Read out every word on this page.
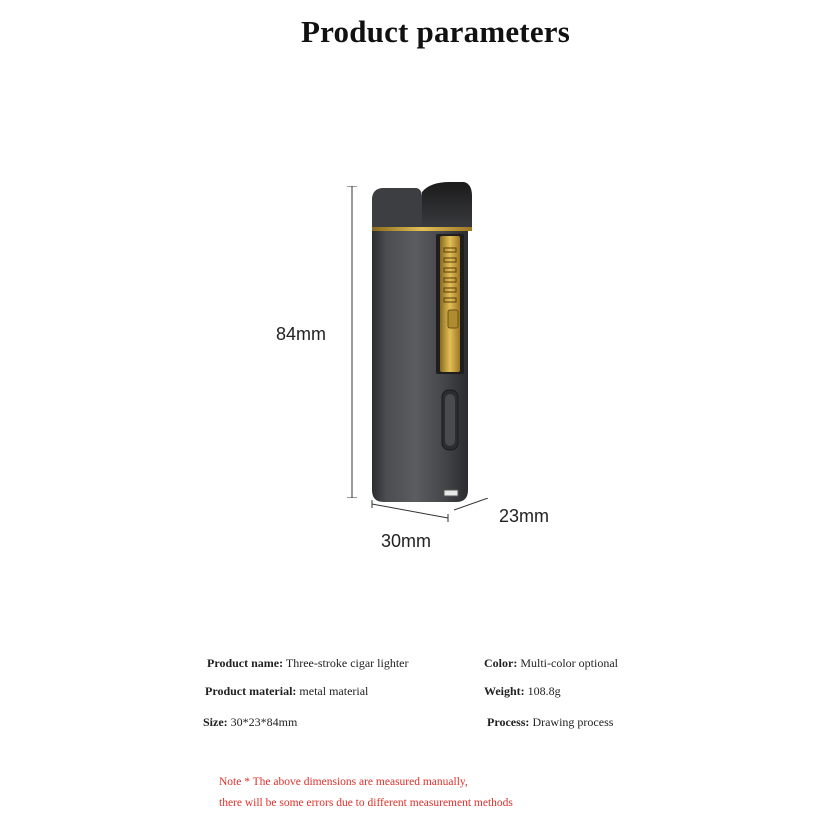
Product parameters
84mm
30mm
23mm
Product name: Three-stroke cigar lighter	Color: Multi-color optional
Product material: metal material	Weight: 108.8g
Size: 30*23*84mm	Process: Drawing process
Note * The above dimensions are measured manually,
there will be some errors due to different measurement methods
